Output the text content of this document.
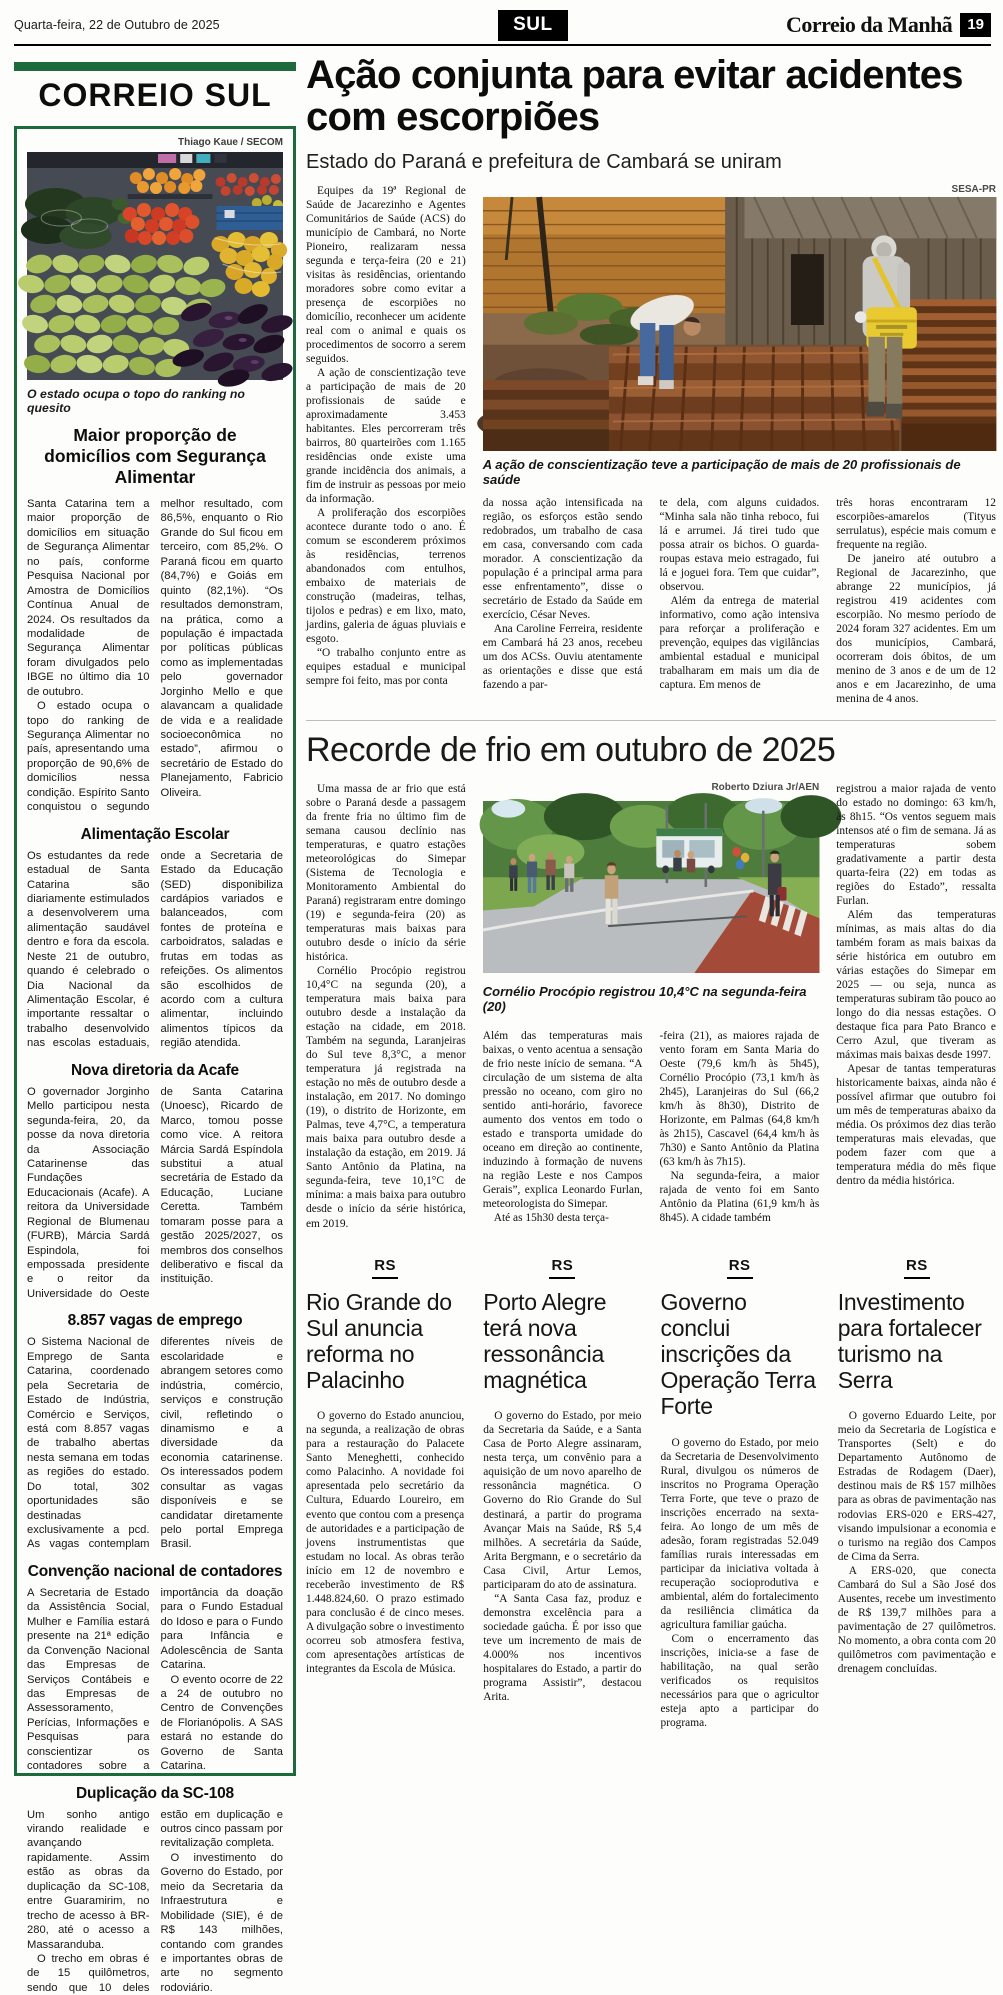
Quarta-feira, 22 de Outubro de 2025	SUL	Correio da Manhã	19
CORREIO SUL
Thiago Kaue / SECOM
O estado ocupa o topo do ranking no quesito
Maior proporção de domicílios com Segurança Alimentar

Santa Catarina tem a maior proporção de domicílios em situação de Segurança Alimentar no país, conforme Pesquisa Nacional por Amostra de Domicílios Contínua Anual de 2024. Os resultados da modalidade de Segurança Alimentar foram divulgados pelo IBGE no último dia 10 de outubro.

O estado ocupa o topo do ranking de Segurança Alimentar no país, apresentando uma proporção de 90,6% de domicílios nessa condição. Espírito Santo conquistou o segundo melhor resultado, com 86,5%, enquanto o Rio Grande do Sul ficou em terceiro, com 85,2%. O Paraná ficou em quarto (84,7%) e Goiás em quinto (82,1%). “Os resultados demonstram, na prática, como a população é impactada por políticas públicas como as implementadas pelo governador Jorginho Mello e que alavancam a qualidade de vida e a realidade socioeconômica no estado”, afirmou o secretário de Estado do Planejamento, Fabricio Oliveira.

Alimentação Escolar

Os estudantes da rede estadual de Santa Catarina são diariamente estimulados a desenvolverem uma alimentação saudável dentro e fora da escola. Neste 21 de outubro, quando é celebrado o Dia Nacional da Alimentação Escolar, é importante ressaltar o trabalho desenvolvido nas escolas estaduais, onde a Secretaria de Estado da Educação (SED) disponibiliza cardápios variados e balanceados, com fontes de proteína e carboidratos, saladas e frutas em todas as refeições. Os alimentos são escolhidos de acordo com a cultura alimentar, incluindo alimentos típicos da região atendida.

Nova diretoria da Acafe

O governador Jorginho Mello participou nesta segunda-feira, 20, da posse da nova diretoria da Associação Catarinense das Fundações Educacionais (Acafe). A reitora da Universidade Regional de Blumenau (FURB), Márcia Sardá Espindola, foi empossada presidente e o reitor da Universidade do Oeste de Santa Catarina (Unoesc), Ricardo de Marco, tomou posse como vice. A reitora Márcia Sardá Espíndola substitui a atual secretária de Estado da Educação, Luciane Ceretta. Também tomaram posse para a gestão 2025/2027, os membros dos conselhos deliberativo e fiscal da instituição.

8.857 vagas de emprego

O Sistema Nacional de Emprego de Santa Catarina, coordenado pela Secretaria de Estado de Indústria, Comércio e Serviços, está com 8.857 vagas de trabalho abertas nesta semana em todas as regiões do estado. Do total, 302 oportunidades são destinadas exclusivamente a pcd. As vagas contemplam diferentes níveis de escolaridade e abrangem setores como indústria, comércio, serviços e construção civil, refletindo o dinamismo e a diversidade da economia catarinense. Os interessados podem consultar as vagas disponíveis e se candidatar diretamente pelo portal Emprega Brasil.

Convenção nacional de contadores

A Secretaria de Estado da Assistência Social, Mulher e Família estará presente na 21ª edição da Convenção Nacional das Empresas de Serviços Contábeis e das Empresas de Assessoramento, Perícias, Informações e Pesquisas para conscientizar os contadores sobre a importância da doação para o Fundo Estadual do Idoso e para o Fundo para Infância e Adolescência de Santa Catarina.

O evento ocorre de 22 a 24 de outubro no Centro de Convenções de Florianópolis. A SAS estará no estande do Governo de Santa Catarina.

Duplicação da SC-108

Um sonho antigo virando realidade e avançando rapidamente. Assim estão as obras da duplicação da SC-108, entre Guaramirim, no trecho de acesso à BR-280, até o acesso a Massaranduba.

O trecho em obras é de 15 quilômetros, sendo que 10 deles estão em duplicação e outros cinco passam por revitalização completa.

O investimento do Governo do Estado, por meio da Secretaria da Infraestrutura e Mobilidade (SIE), é de R$ 143 milhões, contando com grandes e importantes obras de arte no segmento rodoviário.

Ação conjunta para evitar acidentes com escorpiões
Estado do Paraná e prefeitura de Cambará se uniram

Equipes da 19ª Regional de Saúde de Jacarezinho e Agentes Comunitários de Saúde (ACS) do município de Cambará, no Norte Pioneiro, realizaram nessa segunda e terça-feira (20 e 21) visitas às residências, orientando moradores sobre como evitar a presença de escorpiões no domicílio, reconhecer um acidente real com o animal e quais os procedimentos de socorro a serem seguidos.

A ação de conscientização teve a participação de mais de 20 profissionais de saúde e aproximadamente 3.453 habitantes. Eles percorreram três bairros, 80 quarteirões com 1.165 residências onde existe uma grande incidência dos animais, a fim de instruir as pessoas por meio da informação.

A proliferação dos escorpiões acontece durante todo o ano. É comum se esconderem próximos às residências, terrenos abandonados com entulhos, embaixo de materiais de construção (madeiras, telhas, tijolos e pedras) e em lixo, mato, jardins, galeria de águas pluviais e esgoto.

“O trabalho conjunto entre as equipes estadual e municipal sempre foi feito, mas por conta

SESA-PR
A ação de conscientização teve a participação de mais de 20 profissionais de saúde

da nossa ação intensificada na região, os esforços estão sendo redobrados, um trabalho de casa em casa, conversando com cada morador. A conscientização da população é a principal arma para esse enfrentamento”, disse o secretário de Estado da Saúde em exercício, César Neves.

Ana Caroline Ferreira, residente em Cambará há 23 anos, recebeu um dos ACSs. Ouviu atentamente as orientações e disse que está fazendo a par-

te dela, com alguns cuidados. “Minha sala não tinha reboco, fui lá e arrumei. Já tirei tudo que possa atrair os bichos. O guarda-roupas estava meio estragado, fui lá e joguei fora. Tem que cuidar”, observou.

Além da entrega de material informativo, como ação intensiva para reforçar a proliferação e prevenção, equipes das vigilâncias ambiental estadual e municipal trabalharam em mais um dia de captura. Em menos de

três horas encontraram 12 escorpiões-amarelos (Tityus serrulatus), espécie mais comum e frequente na região.

De janeiro até outubro a Regional de Jacarezinho, que abrange 22 municípios, já registrou 419 acidentes com escorpião. No mesmo período de 2024 foram 327 acidentes. Em um dos municípios, Cambará, ocorreram dois óbitos, de um menino de 3 anos e de um de 12 anos e em Jacarezinho, de uma menina de 4 anos.

Recorde de frio em outubro de 2025

Uma massa de ar frio que está sobre o Paraná desde a passagem da frente fria no último fim de semana causou declínio nas temperaturas, e quatro estações meteorológicas do Simepar (Sistema de Tecnologia e Monitoramento Ambiental do Paraná) registraram entre domingo (19) e segunda-feira (20) as temperaturas mais baixas para outubro desde o início da série histórica.

Cornélio Procópio registrou 10,4°C na segunda (20), a temperatura mais baixa para outubro desde a instalação da estação na cidade, em 2018. Também na segunda, Laranjeiras do Sul teve 8,3°C, a menor temperatura já registrada na estação no mês de outubro desde a instalação, em 2017. No domingo (19), o distrito de Horizonte, em Palmas, teve 4,7°C, a temperatura mais baixa para outubro desde a instalação da estação, em 2019. Já Santo Antônio da Platina, na segunda-feira, teve 10,1°C de mínima: a mais baixa para outubro desde o início da série histórica, em 2019.

Roberto Dziura Jr/AEN
Cornélio Procópio registrou 10,4°C na segunda-feira (20)

Além das temperaturas mais baixas, o vento acentua a sensação de frio neste início de semana. “A circulação de um sistema de alta pressão no oceano, com giro no sentido anti-horário, favorece aumento dos ventos em todo o estado e transporta umidade do oceano em direção ao continente, induzindo à formação de nuvens na região Leste e nos Campos Gerais”, explica Leonardo Furlan, meteorologista do Simepar.

Até as 15h30 desta terça-

-feira (21), as maiores rajada de vento foram em Santa Maria do Oeste (79,6 km/h às 5h45), Cornélio Procópio (73,1 km/h às 2h45), Laranjeiras do Sul (66,2 km/h às 8h30), Distrito de Horizonte, em Palmas (64,8 km/h às 2h15), Cascavel (64,4 km/h às 7h30) e Santo Antônio da Platina (63 km/h às 7h15).

Na segunda-feira, a maior rajada de vento foi em Santo Antônio da Platina (61,9 km/h às 8h45). A cidade também

registrou a maior rajada de vento do estado no domingo: 63 km/h, às 8h15. “Os ventos seguem mais intensos até o fim de semana. Já as temperaturas sobem gradativamente a partir desta quarta-feira (22) em todas as regiões do Estado”, ressalta Furlan.

Além das temperaturas mínimas, as mais altas do dia também foram as mais baixas da série histórica em outubro em várias estações do Simepar em 2025 — ou seja, nunca as temperaturas subiram tão pouco ao longo do dia nessas estações. O destaque fica para Pato Branco e Cerro Azul, que tiveram as máximas mais baixas desde 1997.

Apesar de tantas temperaturas historicamente baixas, ainda não é possível afirmar que outubro foi um mês de temperaturas abaixo da média. Os próximos dez dias terão temperaturas mais elevadas, que podem fazer com que a temperatura média do mês fique dentro da média histórica.

RS
Rio Grande do Sul anuncia reforma no Palacinho

O governo do Estado anunciou, na segunda, a realização de obras para a restauração do Palacete Santo Meneghetti, conhecido como Palacinho. A novidade foi apresentada pelo secretário da Cultura, Eduardo Loureiro, em evento que contou com a presença de autoridades e a participação de jovens instrumentistas que estudam no local. As obras terão início em 12 de novembro e receberão investimento de R$ 1.448.824,60. O prazo estimado para conclusão é de cinco meses. A divulgação sobre o investimento ocorreu sob atmosfera festiva, com apresentações artísticas de integrantes da Escola de Música.

RS
Porto Alegre terá nova ressonância magnética

O governo do Estado, por meio da Secretaria da Saúde, e a Santa Casa de Porto Alegre assinaram, nesta terça, um convênio para a aquisição de um novo aparelho de ressonância magnética. O Governo do Rio Grande do Sul destinará, a partir do programa Avançar Mais na Saúde, R$ 5,4 milhões. A secretária da Saúde, Arita Bergmann, e o secretário da Casa Civil, Artur Lemos, participaram do ato de assinatura.

“A Santa Casa faz, produz e demonstra excelência para a sociedade gaúcha. É por isso que teve um incremento de mais de 4.000% nos incentivos hospitalares do Estado, a partir do programa Assistir”, destacou Arita.

RS
Governo conclui inscrições da Operação Terra Forte

O governo do Estado, por meio da Secretaria de Desenvolvimento Rural, divulgou os números de inscritos no Programa Operação Terra Forte, que teve o prazo de inscrições encerrado na sexta-feira. Ao longo de um mês de adesão, foram registradas 52.049 famílias rurais interessadas em participar da iniciativa voltada à recuperação socioprodutiva e ambiental, além do fortalecimento da resiliência climática da agricultura familiar gaúcha.

Com o encerramento das inscrições, inicia-se a fase de habilitação, na qual serão verificados os requisitos necessários para que o agricultor esteja apto a participar do programa.

RS
Investimento para fortalecer turismo na Serra

O governo Eduardo Leite, por meio da Secretaria de Logística e Transportes (Selt) e do Departamento Autônomo de Estradas de Rodagem (Daer), destinou mais de R$ 157 milhões para as obras de pavimentação nas rodovias ERS-020 e ERS-427, visando impulsionar a economia e o turismo na região dos Campos de Cima da Serra.

A ERS-020, que conecta Cambará do Sul a São José dos Ausentes, recebe um investimento de R$ 139,7 milhões para a pavimentação de 27 quilômetros. No momento, a obra conta com 20 quilômetros com pavimentação e drenagem concluídas.
